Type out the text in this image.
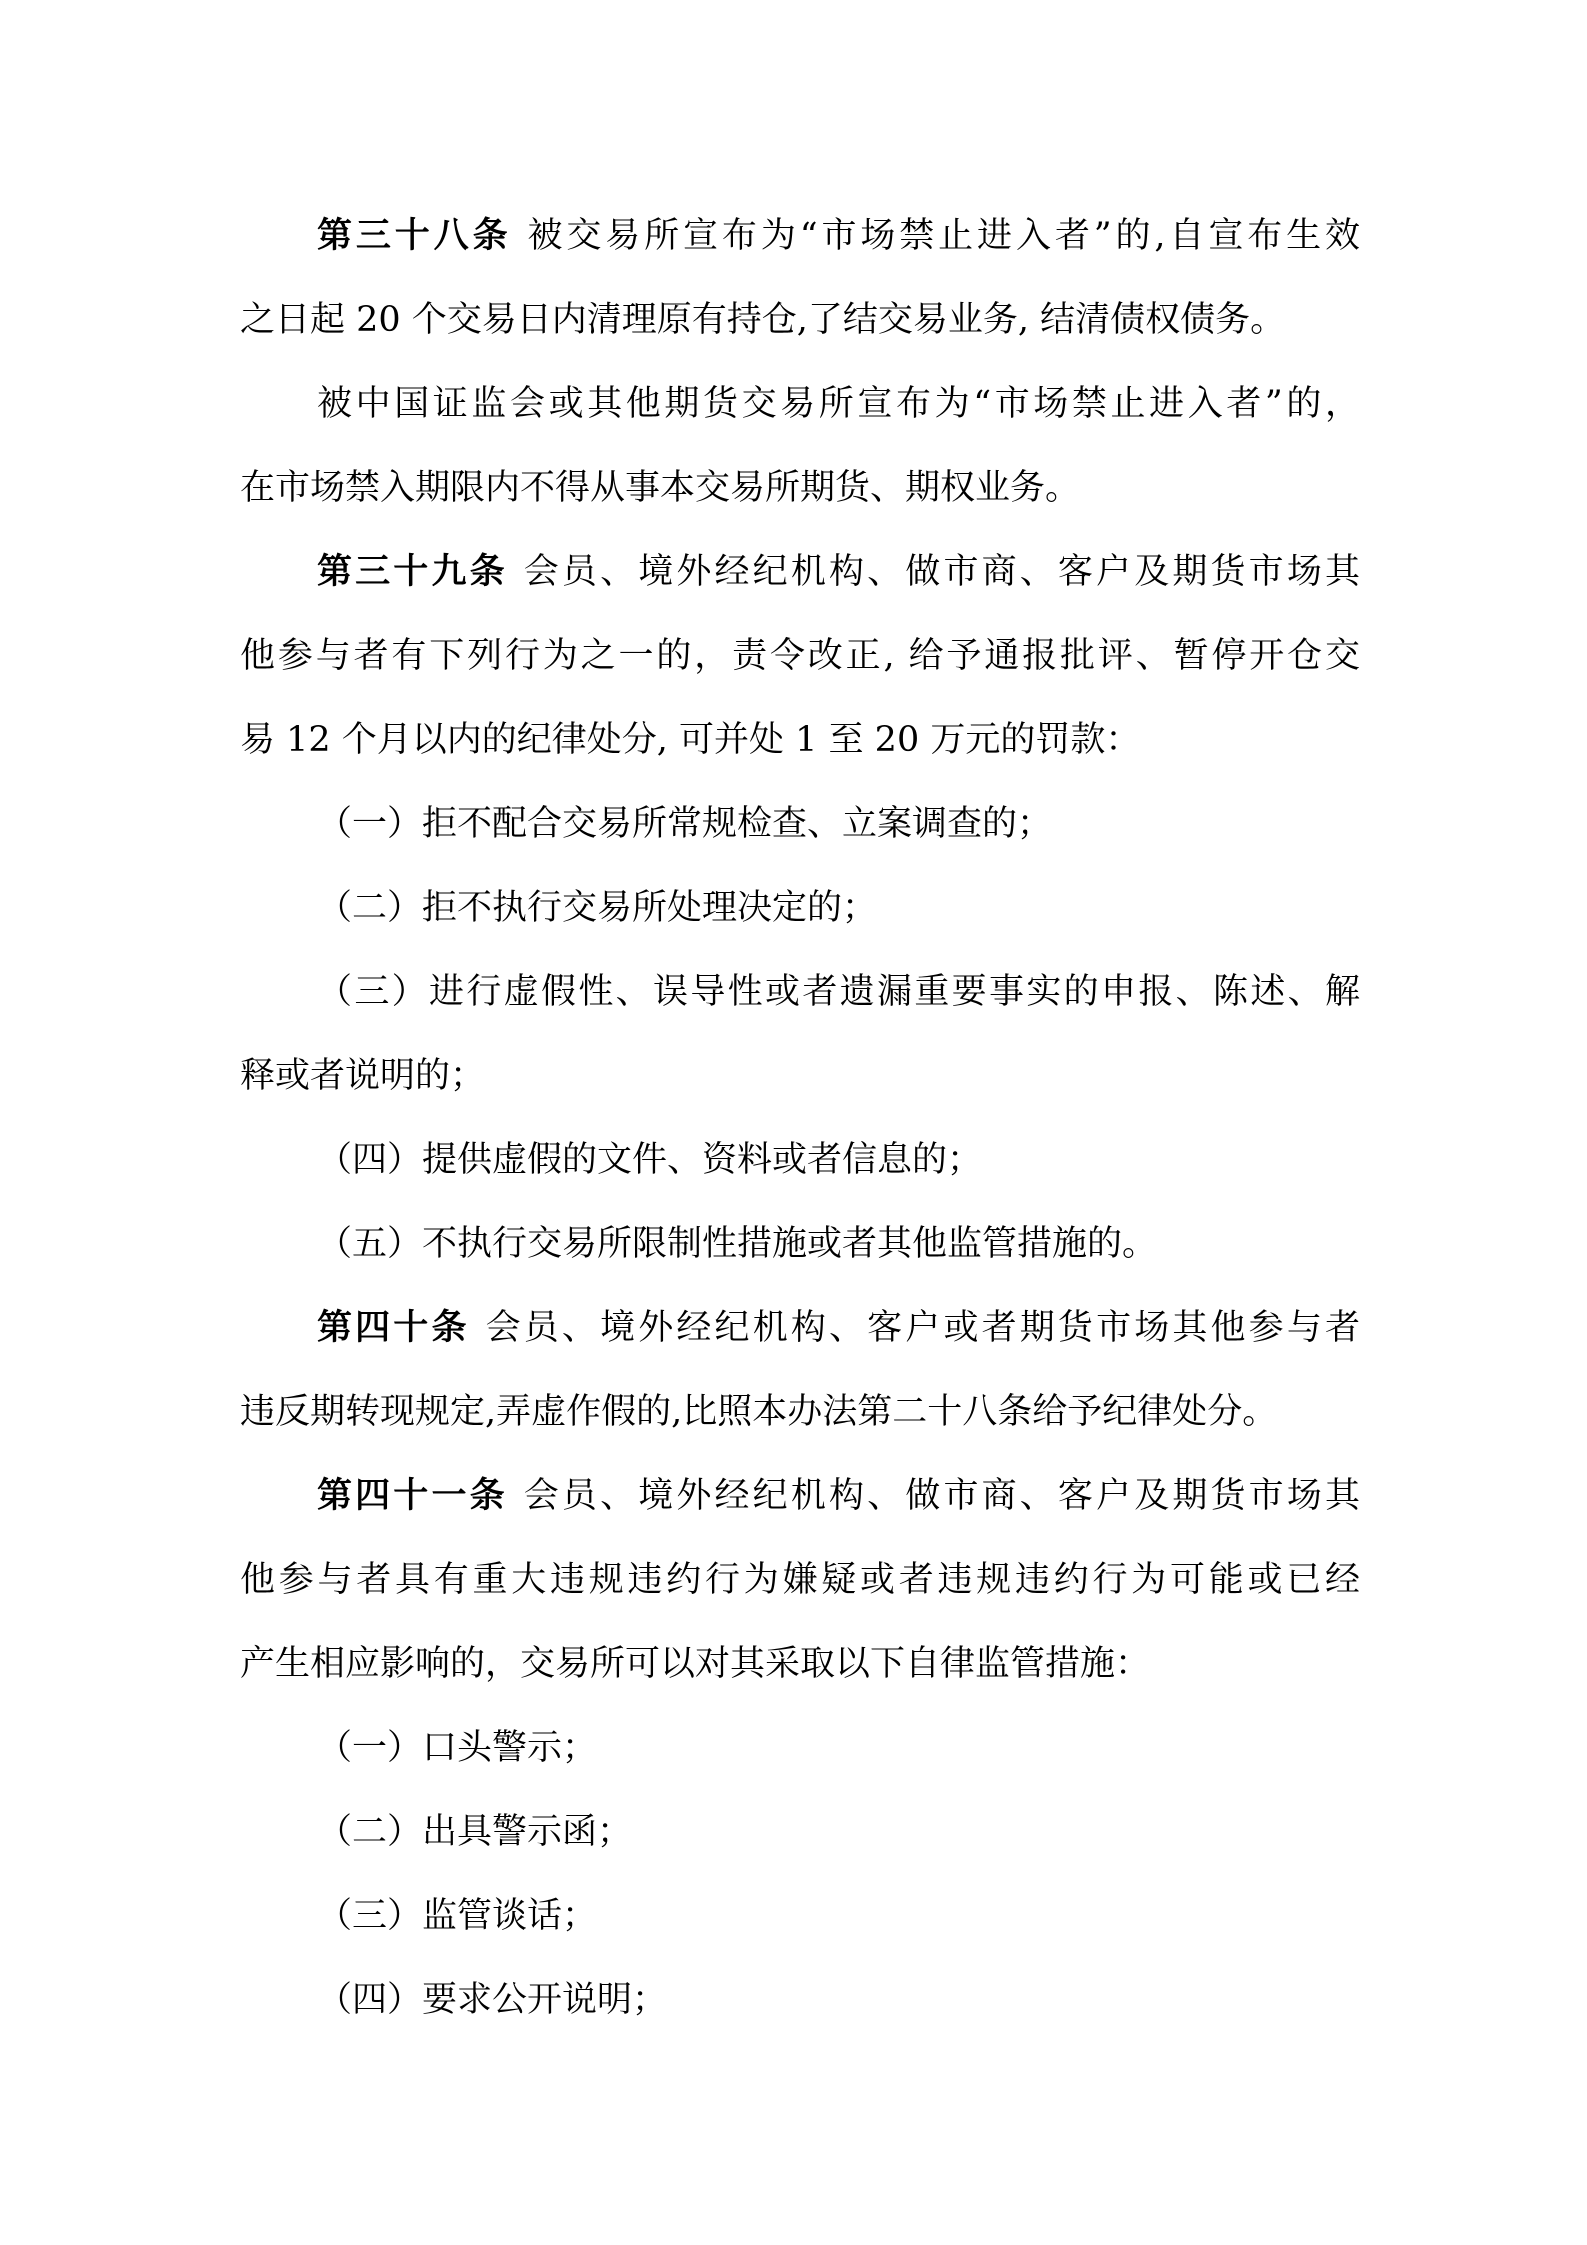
第三十八条 被交易所宣布为“市场禁止进入者”的,自宣布生效
之日起 20 个交易日内清理原有持仓,了结交易业务, 结清债权债务。
被中国证监会或其他期货交易所宣布为“市场禁止进入者”的，
在市场禁入期限内不得从事本交易所期货、期权业务。
第三十九条 会员、境外经纪机构、做市商、客户及期货市场其
他参与者有下列行为之一的，责令改正, 给予通报批评、暂停开仓交
易 12 个月以内的纪律处分, 可并处 1 至 20 万元的罚款：
（一）拒不配合交易所常规检查、立案调查的；
（二）拒不执行交易所处理决定的；
（三）进行虚假性、误导性或者遗漏重要事实的申报、陈述、解
释或者说明的；
（四）提供虚假的文件、资料或者信息的；
（五）不执行交易所限制性措施或者其他监管措施的。
第四十条 会员、境外经纪机构、客户或者期货市场其他参与者
违反期转现规定,弄虚作假的,比照本办法第二十八条给予纪律处分。
第四十一条 会员、境外经纪机构、做市商、客户及期货市场其
他参与者具有重大违规违约行为嫌疑或者违规违约行为可能或已经
产生相应影响的，交易所可以对其采取以下自律监管措施：
（一）口头警示；
（二）出具警示函；
（三）监管谈话；
（四）要求公开说明；
